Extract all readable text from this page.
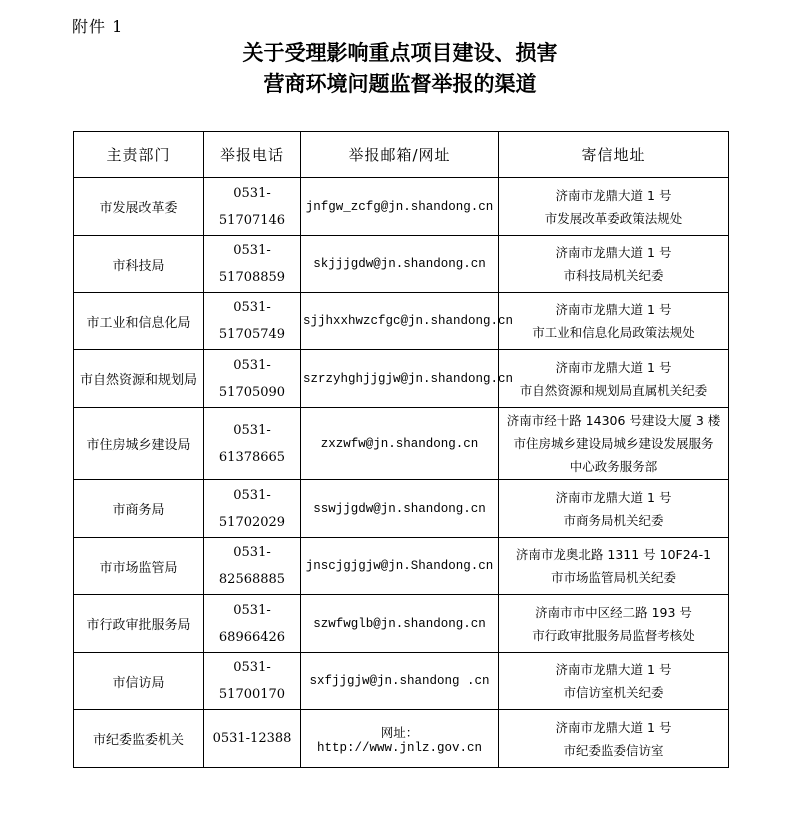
附件 1
关于受理影响重点项目建设、损害
营商环境问题监督举报的渠道
主责部门	举报电话	举报邮箱/网址	寄信地址
市发展改革委	0531-
51707146	jnfgw_zcfg@jn.shandong.cn	济南市龙鼎大道 1 号
市发展改革委政策法规处

市科技局	0531-
51708859	skjjjgdw@jn.shandong.cn	济南市龙鼎大道 1 号
市科技局机关纪委

市工业和信息化局	0531-
51705749	sjjhxxhwzcfgc@jn.shandong.cn	济南市龙鼎大道 1 号
市工业和信息化局政策法规处

市自然资源和规划局	0531-
51705090	szrzyhghjjgjw@jn.shandong.cn	济南市龙鼎大道 1 号
市自然资源和规划局直属机关纪委

市住房城乡建设局	0531-
61378665	zxzwfw@jn.shandong.cn	济南市经十路 14306 号建设大厦 3 楼
市住房城乡建设局城乡建设发展服务
中心政务服务部

市商务局	0531-
51702029	sswjjgdw@jn.shandong.cn	济南市龙鼎大道 1 号
市商务局机关纪委

市市场监管局	0531-
82568885	jnscjgjgjw@jn.Shandong.cn	济南市龙奥北路 1311 号 10F24-1
市市场监管局机关纪委

市行政审批服务局	0531-
68966426	szwfwglb@jn.shandong.cn	济南市市中区经二路 193 号
市行政审批服务局监督考核处

市信访局	0531-
51700170	sxfjjgjw@jn.shandong .cn	济南市龙鼎大道 1 号
市信访室机关纪委

市纪委监委机关	0531-12388	网址：http://www.jnlz.gov.cn	济南市龙鼎大道 1 号
市纪委监委信访室
